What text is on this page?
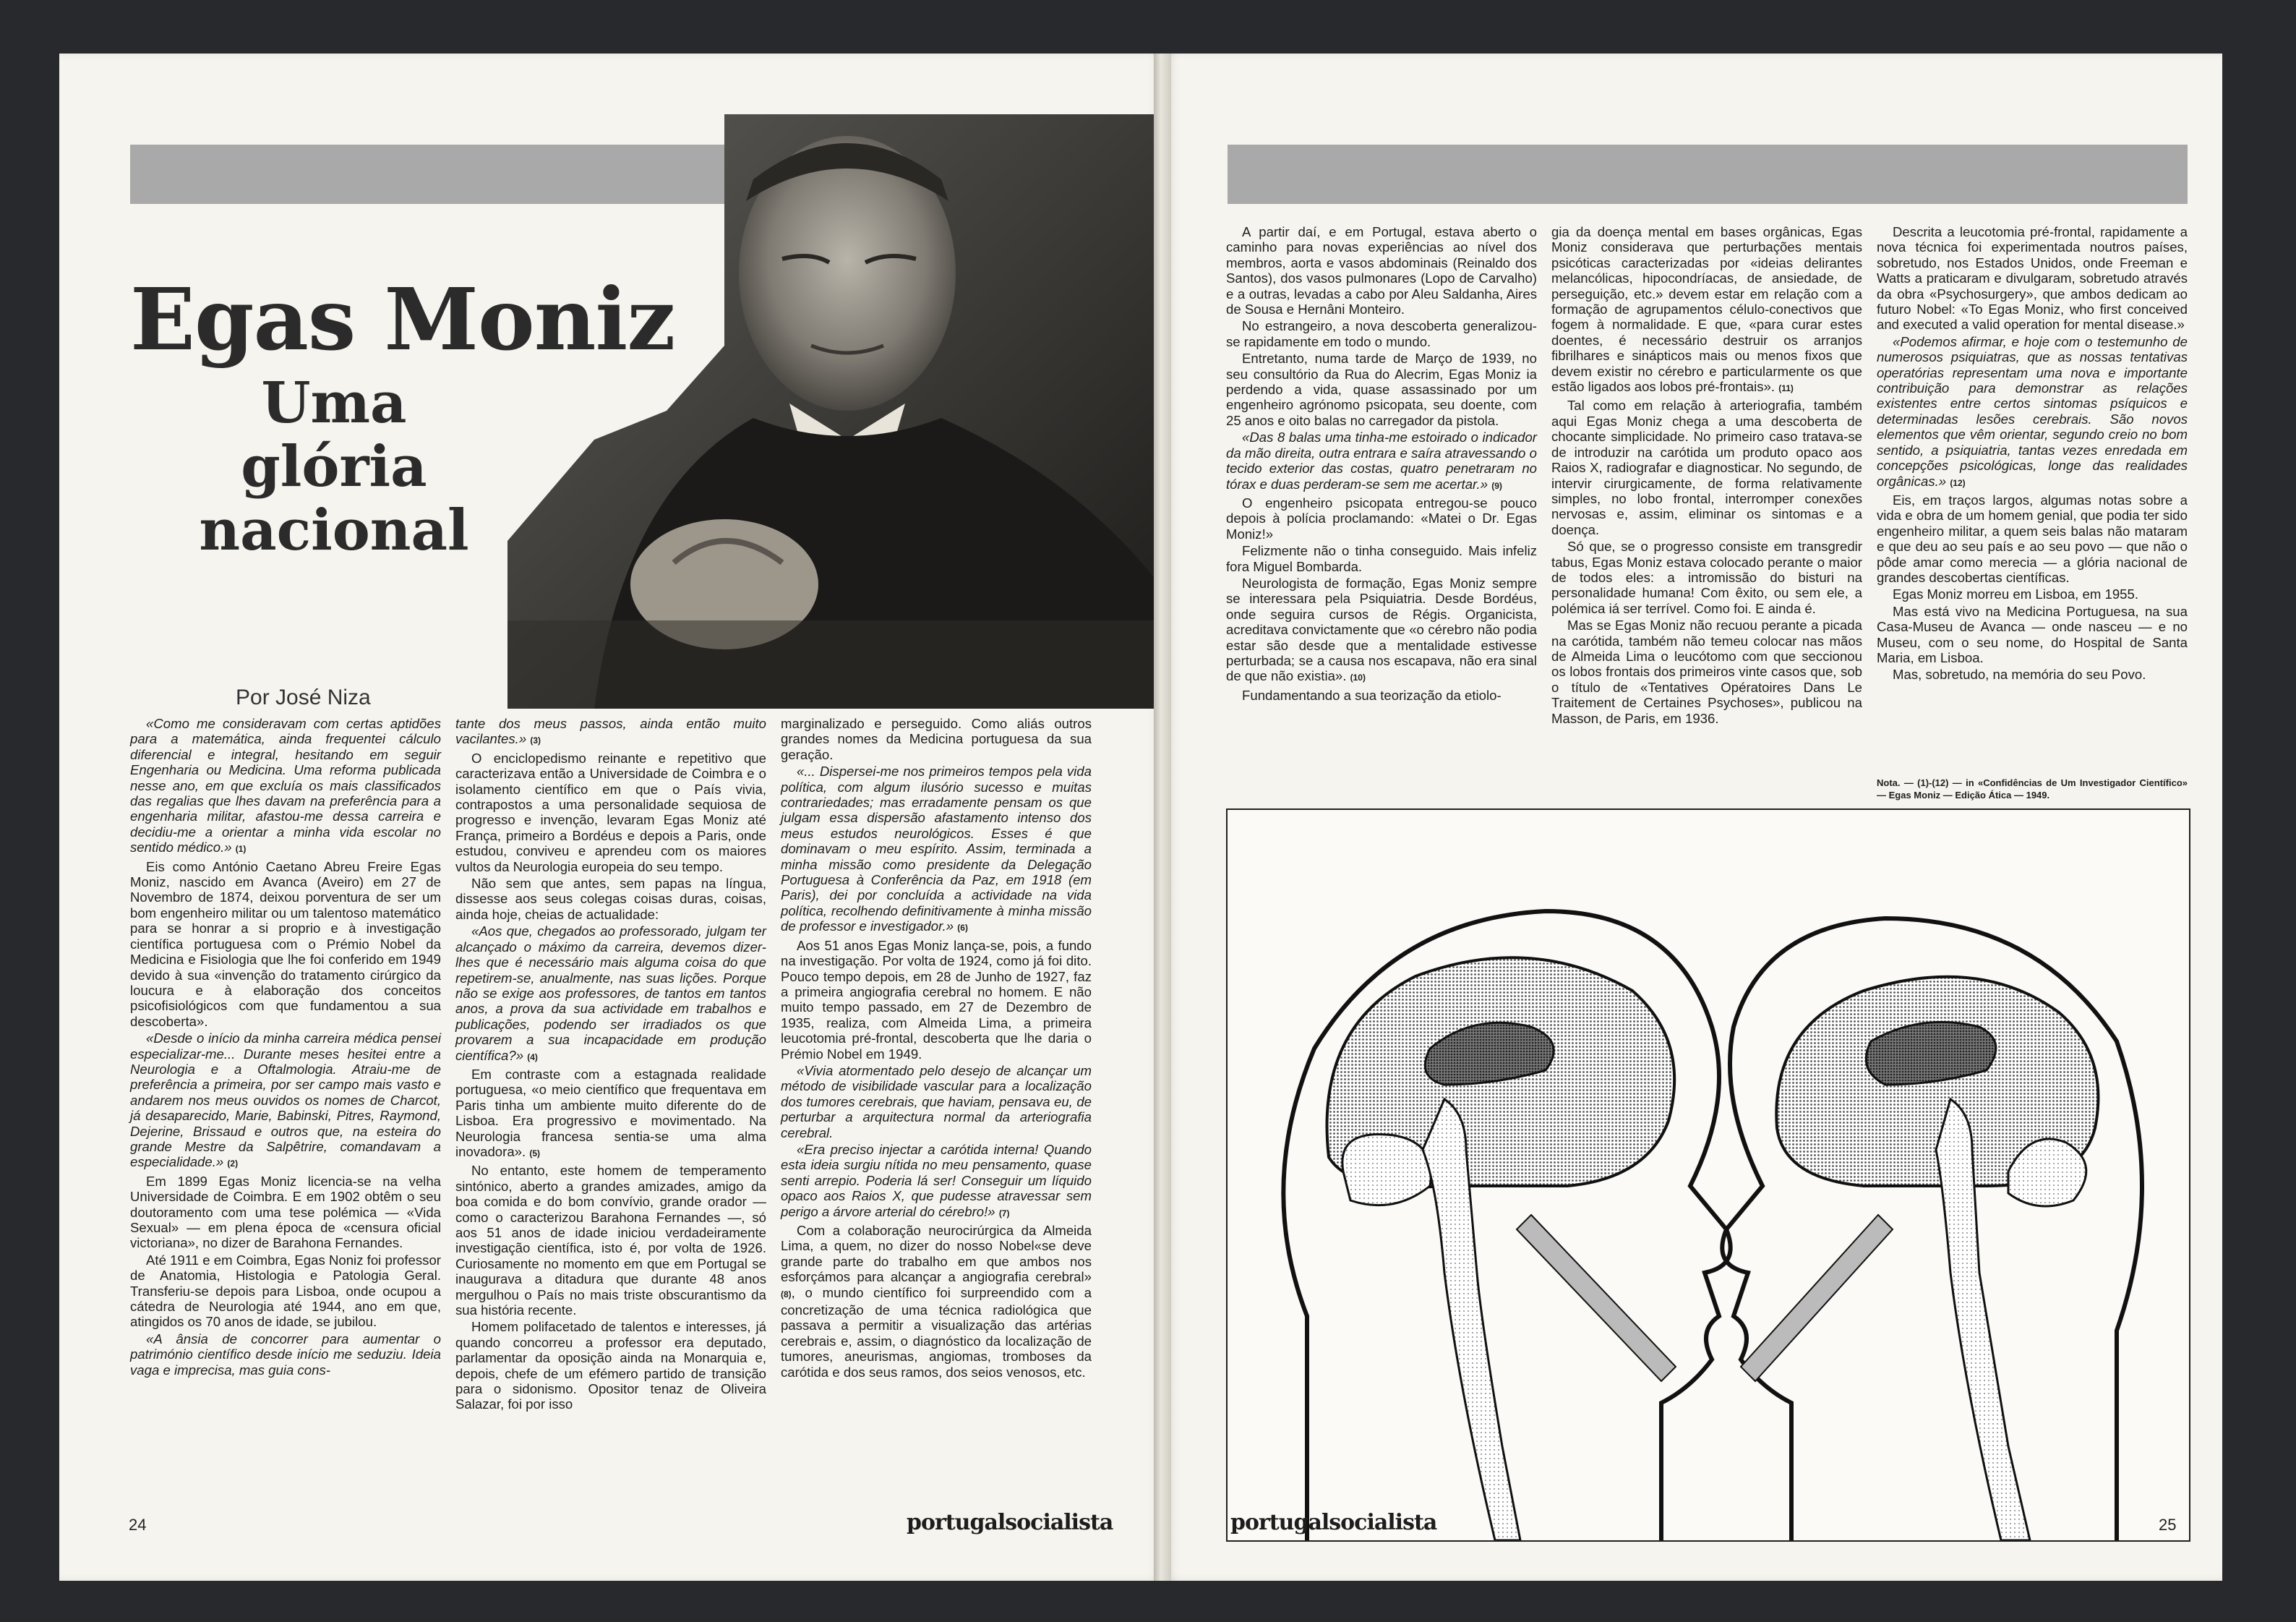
Egas Moniz
Uma glória
nacional
Por José Niza

«Como me consideravam com certas aptidões para a matemática, ainda frequentei cálculo diferencial e integral, hesitando em seguir Engenharia ou Medicina. Uma reforma publicada nesse ano, em que excluía os mais classificados das regalias que lhes davam na preferência para a engenharia militar, afastou-me dessa carreira e decidiu-me a orientar a minha vida escolar no sentido médico.» (1)

Eis como António Caetano Abreu Freire Egas Moniz, nascido em Avanca (Aveiro) em 27 de Novembro de 1874, deixou porventura de ser um bom engenheiro militar ou um talentoso matemático para se honrar a si proprio e à investigação científica portuguesa com o Prémio Nobel da Medicina e Fisiologia que lhe foi conferido em 1949 devido à sua «invenção do tratamento cirúrgico da loucura e à elaboração dos conceitos psicofisiológicos com que fundamentou a sua descoberta».

«Desde o início da minha carreira médica pensei especializar-me... Durante meses hesitei entre a Neurologia e a Oftalmologia. Atraiu-me de preferência a primeira, por ser campo mais vasto e andarem nos meus ouvidos os nomes de Charcot, já desaparecido, Marie, Babinski, Pitres, Raymond, Dejerine, Brissaud e outros que, na esteira do grande Mestre da Salpêtrire, comandavam a especialidade.» (2)

Em 1899 Egas Moniz licencia-se na velha Universidade de Coimbra. E em 1902 obtêm o seu doutoramento com uma tese polémica — «Vida Sexual» — em plena época de «censura oficial victoriana», no dizer de Barahona Fernandes.

Até 1911 e em Coimbra, Egas Noniz foi professor de Anatomia, Histologia e Patologia Geral. Transferiu-se depois para Lisboa, onde ocupou a cátedra de Neurologia até 1944, ano em que, atingidos os 70 anos de idade, se jubilou.

«A ânsia de concorrer para aumentar o património científico desde início me seduziu. Ideia vaga e imprecisa, mas guia cons-

tante dos meus passos, ainda então muito vacilantes.» (3)

O enciclopedismo reinante e repetitivo que caracterizava então a Universidade de Coimbra e o isolamento científico em que o País vivia, contrapostos a uma personalidade sequiosa de progresso e invenção, levaram Egas Moniz até França, primeiro a Bordéus e depois a Paris, onde estudou, conviveu e aprendeu com os maiores vultos da Neurologia europeia do seu tempo.

Não sem que antes, sem papas na língua, dissesse aos seus colegas coisas duras, coisas, ainda hoje, cheias de actualidade:

«Aos que, chegados ao professorado, julgam ter alcançado o máximo da carreira, devemos dizer-lhes que é necessário mais alguma coisa do que repetirem-se, anualmente, nas suas lições. Porque não se exige aos professores, de tantos em tantos anos, a prova da sua actividade em trabalhos e publicações, podendo ser irradiados os que provarem a sua incapacidade em produção científica?» (4)

Em contraste com a estagnada realidade portuguesa, «o meio científico que frequentava em Paris tinha um ambiente muito diferente do de Lisboa. Era progressivo e movimentado. Na Neurologia francesa sentia-se uma alma inovadora». (5)

No entanto, este homem de temperamento sintónico, aberto a grandes amizades, amigo da boa comida e do bom convívio, grande orador — como o caracterizou Barahona Fernandes —, só aos 51 anos de idade iniciou verdadeiramente investigação científica, isto é, por volta de 1926. Curiosamente no momento em que em Portugal se inaugurava a ditadura que durante 48 anos mergulhou o País no mais triste obscurantismo da sua história recente.

Homem polifacetado de talentos e interesses, já quando concorreu a professor era deputado, parlamentar da oposição ainda na Monarquia e, depois, chefe de um efémero partido de transição para o sidonismo. Opositor tenaz de Oliveira Salazar, foi por isso

marginalizado e perseguido. Como aliás outros grandes nomes da Medicina portuguesa da sua geração.

«... Dispersei-me nos primeiros tempos pela vida política, com algum ilusório sucesso e muitas contrariedades; mas erradamente pensam os que julgam essa dispersão afastamento intenso dos meus estudos neurológicos. Esses é que dominavam o meu espírito. Assim, terminada a minha missão como presidente da Delegação Portuguesa à Conferência da Paz, em 1918 (em Paris), dei por concluída a actividade na vida política, recolhendo definitivamente à minha missão de professor e investigador.» (6)

Aos 51 anos Egas Moniz lança-se, pois, a fundo na investigação. Por volta de 1924, como já foi dito. Pouco tempo depois, em 28 de Junho de 1927, faz a primeira angiografia cerebral no homem. E não muito tempo passado, em 27 de Dezembro de 1935, realiza, com Almeida Lima, a primeira leucotomia pré-frontal, descoberta que lhe daria o Prémio Nobel em 1949.

«Vivia atormentado pelo desejo de alcançar um método de visibilidade vascular para a localização dos tumores cerebrais, que haviam, pensava eu, de perturbar a arquitectura normal da arteriografia cerebral.

«Era preciso injectar a carótida interna! Quando esta ideia surgiu nítida no meu pensamento, quase senti arrepio. Poderia lá ser! Conseguir um líquido opaco aos Raios X, que pudesse atravessar sem perigo a árvore arterial do cérebro!» (7)

Com a colaboração neurocirúrgica da Almeida Lima, a quem, no dizer do nosso Nobel«se deve grande parte do trabalho em que ambos nos esforçámos para alcançar a angiografia cerebral» (8), o mundo científico foi surpreendido com a concretização de uma técnica radiológica que passava a permitir a visualização das artérias cerebrais e, assim, o diagnóstico da localização de tumores, aneurismas, angiomas, tromboses da carótida e dos seus ramos, dos seios venosos, etc.

24	portugalsocialista

A partir daí, e em Portugal, estava aberto o caminho para novas experiências ao nível dos membros, aorta e vasos abdominais (Reinaldo dos Santos), dos vasos pulmonares (Lopo de Carvalho) e a outras, levadas a cabo por Aleu Saldanha, Aires de Sousa e Hernâni Monteiro.

No estrangeiro, a nova descoberta generalizou-se rapidamente em todo o mundo.

Entretanto, numa tarde de Março de 1939, no seu consultório da Rua do Alecrim, Egas Moniz ia perdendo a vida, quase assassinado por um engenheiro agrónomo psicopata, seu doente, com 25 anos e oito balas no carregador da pistola.

«Das 8 balas uma tinha-me estoirado o indicador da mão direita, outra entrara e saíra atravessando o tecido exterior das costas, quatro penetraram no tórax e duas perderam-se sem me acertar.» (9)

O engenheiro psicopata entregou-se pouco depois à polícia proclamando: «Matei o Dr. Egas Moniz!»

Felizmente não o tinha conseguido. Mais infeliz fora Miguel Bombarda.

Neurologista de formação, Egas Moniz sempre se interessara pela Psiquiatria. Desde Bordéus, onde seguira cursos de Régis. Organicista, acreditava convictamente que «o cérebro não podia estar são desde que a mentalidade estivesse perturbada; se a causa nos escapava, não era sinal de que não existia». (10)

Fundamentando a sua teorização da etiolo-

gia da doença mental em bases orgânicas, Egas Moniz considerava que perturbações mentais psicóticas caracterizadas por «ideias delirantes melancólicas, hipocondríacas, de ansiedade, de perseguição, etc.» devem estar em relação com a formação de agrupamentos célulo-conectivos que fogem à normalidade. E que, «para curar estes doentes, é necessário destruir os arranjos fibrilhares e sinápticos mais ou menos fixos que devem existir no cérebro e particularmente os que estão ligados aos lobos pré-frontais». (11)

Tal como em relação à arteriografia, também aqui Egas Moniz chega a uma descoberta de chocante simplicidade. No primeiro caso tratava-se de introduzir na carótida um produto opaco aos Raios X, radiografar e diagnosticar. No segundo, de intervir cirurgicamente, de forma relativamente simples, no lobo frontal, interromper conexões nervosas e, assim, eliminar os sintomas e a doença.

Só que, se o progresso consiste em transgredir tabus, Egas Moniz estava colocado perante o maior de todos eles: a intromissão do bisturi na personalidade humana! Com êxito, ou sem ele, a polémica iá ser terrível. Como foi. E ainda é.

Mas se Egas Moniz não recuou perante a picada na carótida, também não temeu colocar nas mãos de Almeida Lima o leucótomo com que seccionou os lobos frontais dos primeiros vinte casos que, sob o título de «Tentatives Opératoires Dans Le Traitement de Certaines Psychoses», publicou na Masson, de Paris, em 1936.

Descrita a leucotomia pré-frontal, rapidamente a nova técnica foi experimentada noutros países, sobretudo, nos Estados Unidos, onde Freeman e Watts a praticaram e divulgaram, sobretudo através da obra «Psychosurgery», que ambos dedicam ao futuro Nobel: «To Egas Moniz, who first conceived and executed a valid operation for mental disease.»

«Podemos afirmar, e hoje com o testemunho de numerosos psiquiatras, que as nossas tentativas operatórias representam uma nova e importante contribuição para demonstrar as relações existentes entre certos sintomas psíquicos e determinadas lesões cerebrais. São novos elementos que vêm orientar, segundo creio no bom sentido, a psiquiatria, tantas vezes enredada em concepções psicológicas, longe das realidades orgânicas.» (12)

Eis, em traços largos, algumas notas sobre a vida e obra de um homem genial, que podia ter sido engenheiro militar, a quem seis balas não mataram e que deu ao seu país e ao seu povo — que não o pôde amar como merecia — a glória nacional de grandes descobertas científicas.

Egas Moniz morreu em Lisboa, em 1955.

Mas está vivo na Medicina Portuguesa, na sua Casa-Museu de Avanca — onde nasceu — e no Museu, com o seu nome, do Hospital de Santa Maria, em Lisboa.

Mas, sobretudo, na memória do seu Povo.

Nota. — (1)-(12) — in «Confidências de Um Investigador Científico» — Egas Moniz — Edição Ática — 1949.

portugalsocialista	25
